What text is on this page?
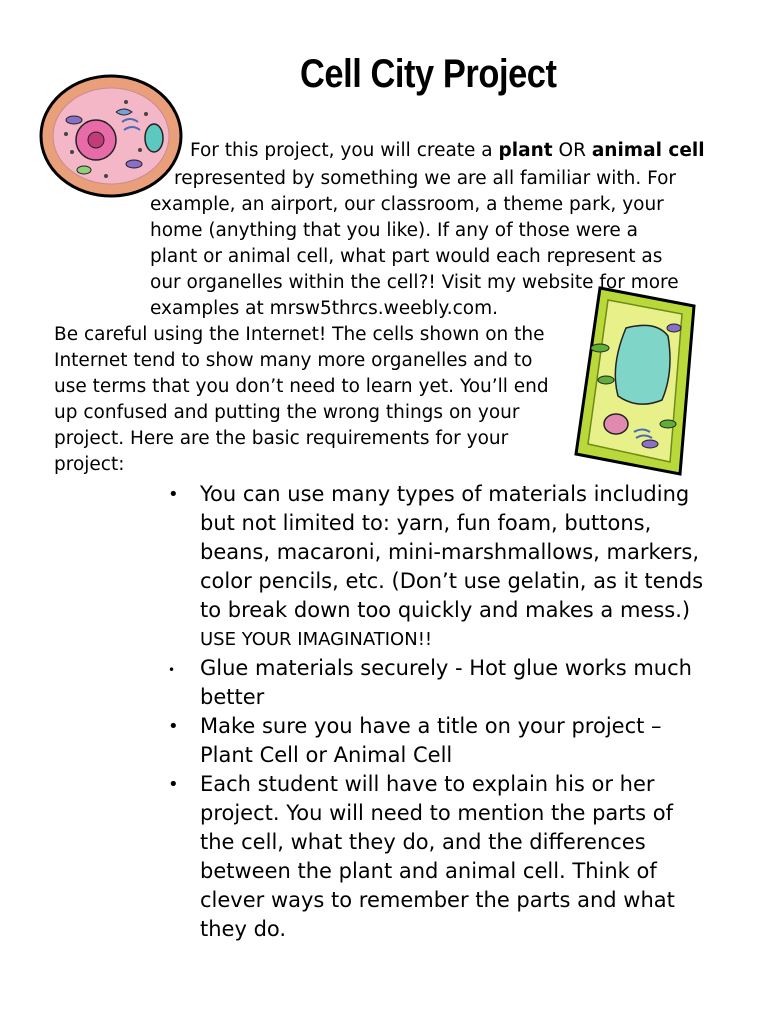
Cell City Project
For this project, you will create a plant OR animal cell
represented by something we are all familiar with. For
example, an airport, our classroom, a theme park, your
home (anything that you like). If any of those were a
plant or animal cell, what part would each represent as
our organelles within the cell?! Visit my website for more
examples at mrsw5thrcs.weebly.com.
Be careful using the Internet! The cells shown on the
Internet tend to show many more organelles and to
use terms that you don’t need to learn yet. You’ll end
up confused and putting the wrong things on your
project. Here are the basic requirements for your
project:
• You can use many types of materials including
but not limited to: yarn, fun foam, buttons,
beans, macaroni, mini-marshmallows, markers,
color pencils, etc. (Don’t use gelatin, as it tends
to break down too quickly and makes a mess.)
USE YOUR IMAGINATION!!
• Glue materials securely - Hot glue works much
better
• Make sure you have a title on your project –
Plant Cell or Animal Cell
• Each student will have to explain his or her
project. You will need to mention the parts of
the cell, what they do, and the differences
between the plant and animal cell. Think of
clever ways to remember the parts and what
they do.
